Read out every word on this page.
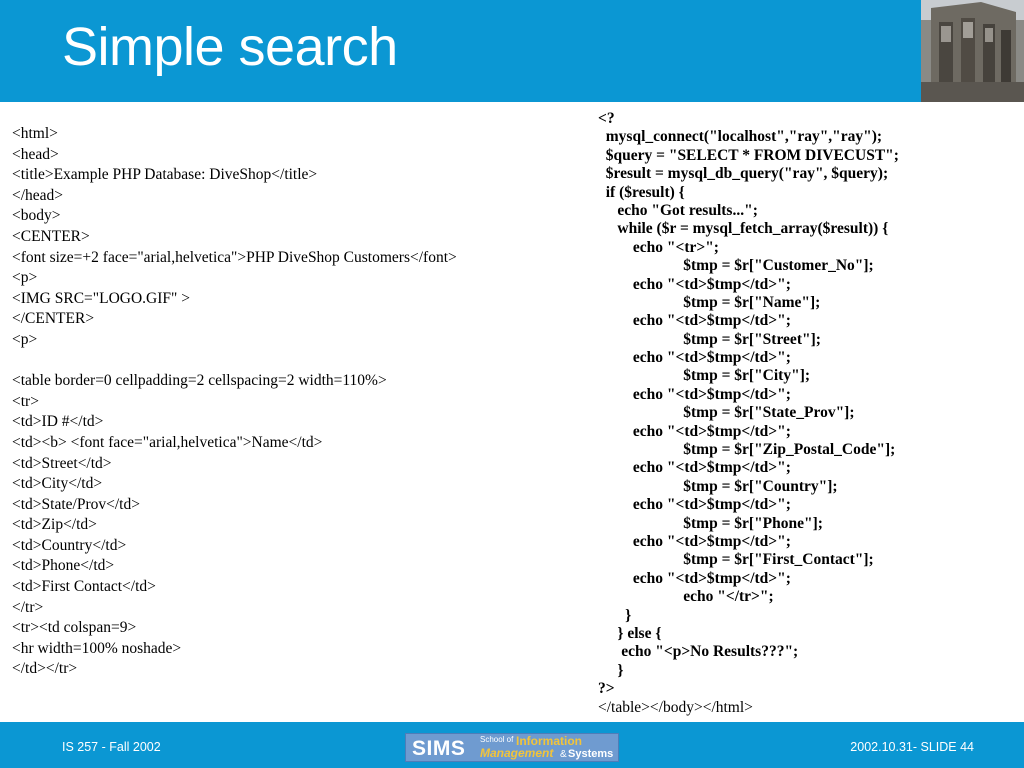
Simple search
<html>
<head>
<title>Example PHP Database: DiveShop</title>
</head>
<body>
<CENTER>
<font size=+2 face="arial,helvetica">PHP DiveShop Customers</font>
<p>
<IMG SRC="LOGO.GIF" >
</CENTER>
<p>
<table border=0 cellpadding=2 cellspacing=2 width=110%>
<tr>
<td>ID #</td>
<td><b> <font face="arial,helvetica">Name</td>
<td>Street</td>
<td>City</td>
<td>State/Prov</td>
<td>Zip</td>
<td>Country</td>
<td>Phone</td>
<td>First Contact</td>
</tr>
<tr><td colspan=9>
<hr width=100% noshade>
</td></tr>
<?
mysql_connect("localhost","ray","ray");
$query = "SELECT * FROM DIVECUST";
$result = mysql_db_query("ray", $query);
if ($result) {
echo "Got results...";
while ($r = mysql_fetch_array($result)) {
echo "<tr>";
$tmp = $r["Customer_No"];
echo "<td>$tmp</td>";
$tmp = $r["Name"];
echo "<td>$tmp</td>";
$tmp = $r["Street"];
echo "<td>$tmp</td>";
$tmp = $r["City"];
echo "<td>$tmp</td>";
$tmp = $r["State_Prov"];
echo "<td>$tmp</td>";
$tmp = $r["Zip_Postal_Code"];
echo "<td>$tmp</td>";
$tmp = $r["Country"];
echo "<td>$tmp</td>";
$tmp = $r["Phone"];
echo "<td>$tmp</td>";
$tmp = $r["First_Contact"];
echo "<td>$tmp</td>";
echo "</tr>";
}
} else {
echo "<p>No Results???";
}
?>
</table></body></html>
IS 257 - Fall 2002	2002.10.31- SLIDE 44
SIMS School of Information
Management & Systems
